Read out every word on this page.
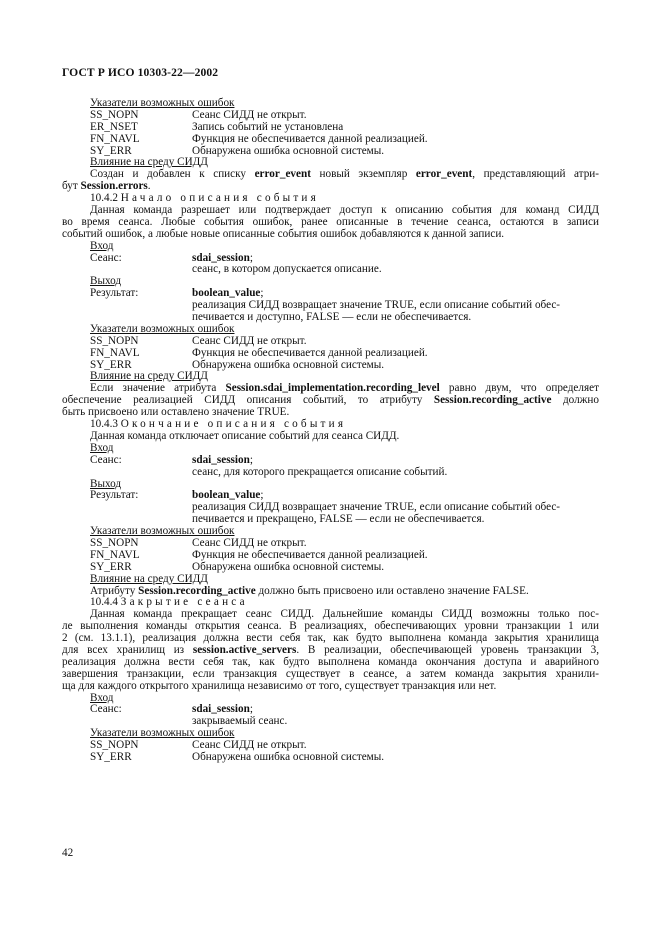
ГОСТ Р ИСО 10303-22—2002
Указатели возможных ошибок
SS_NOPN	Сеанс СИДД не открыт.
ER_NSET	Запись событий не установлена
FN_NAVL	Функция не обеспечивается данной реализацией.
SY_ERR	Обнаружена ошибка основной системы.
Влияние на среду СИДД
Создан и добавлен к списку error_event новый экземпляр error_event, представляющий атри-
бут Session.errors.
10.4.2 Начало описания события
Данная команда разрешает или подтверждает доступ к описанию события для команд СИДД
во время сеанса. Любые события ошибок, ранее описанные в течение сеанса, остаются в записи
событий ошибок, а любые новые описанные события ошибок добавляются к данной записи.
Вход
Сеанс:	sdai_session;
сеанс, в котором допускается описание.
Выход
Результат:	boolean_value;
реализация СИДД возвращает значение TRUE, если описание событий обес-
печивается и доступно, FALSE — если не обеспечивается.
Указатели возможных ошибок
SS_NOPN	Сеанс СИДД не открыт.
FN_NAVL	Функция не обеспечивается данной реализацией.
SY_ERR	Обнаружена ошибка основной системы.
Влияние на среду СИДД
Если значение атрибута Session.sdai_implementation.recording_level равно двум, что определяет
обеспечение реализацией СИДД описания событий, то атрибуту Session.recording_active должно
быть присвоено или оставлено значение TRUE.
10.4.3 Окончание описания события
Данная команда отключает описание событий для сеанса СИДД.
Вход
Сеанс:	sdai_session;
сеанс, для которого прекращается описание событий.
Выход
Результат:	boolean_value;
реализация СИДД возвращает значение TRUE, если описание событий обес-
печивается и прекращено, FALSE — если не обеспечивается.
Указатели возможных ошибок
SS_NOPN	Сеанс СИДД не открыт.
FN_NAVL	Функция не обеспечивается данной реализацией.
SY_ERR	Обнаружена ошибка основной системы.
Влияние на среду СИДД
Атрибуту Session.recording_active должно быть присвоено или оставлено значение FALSE.
10.4.4 Закрытие сеанса
Данная команда прекращает сеанс СИДД. Дальнейшие команды СИДД возможны только пос-
ле выполнения команды открытия сеанса. В реализациях, обеспечивающих уровни транзакции 1 или
2 (см. 13.1.1), реализация должна вести себя так, как будто выполнена команда закрытия хранилища
для всех хранилищ из session.active_servers. В реализации, обеспечивающей уровень транзакции 3,
реализация должна вести себя так, как будто выполнена команда окончания доступа и аварийного
завершения транзакции, если транзакция существует в сеансе, а затем команда закрытия хранили-
ща для каждого открытого хранилища независимо от того, существует транзакция или нет.
Вход
Сеанс:	sdai_session;
закрываемый сеанс.
Указатели возможных ошибок
SS_NOPN	Сеанс СИДД не открыт.
SY_ERR	Обнаружена ошибка основной системы.
42
